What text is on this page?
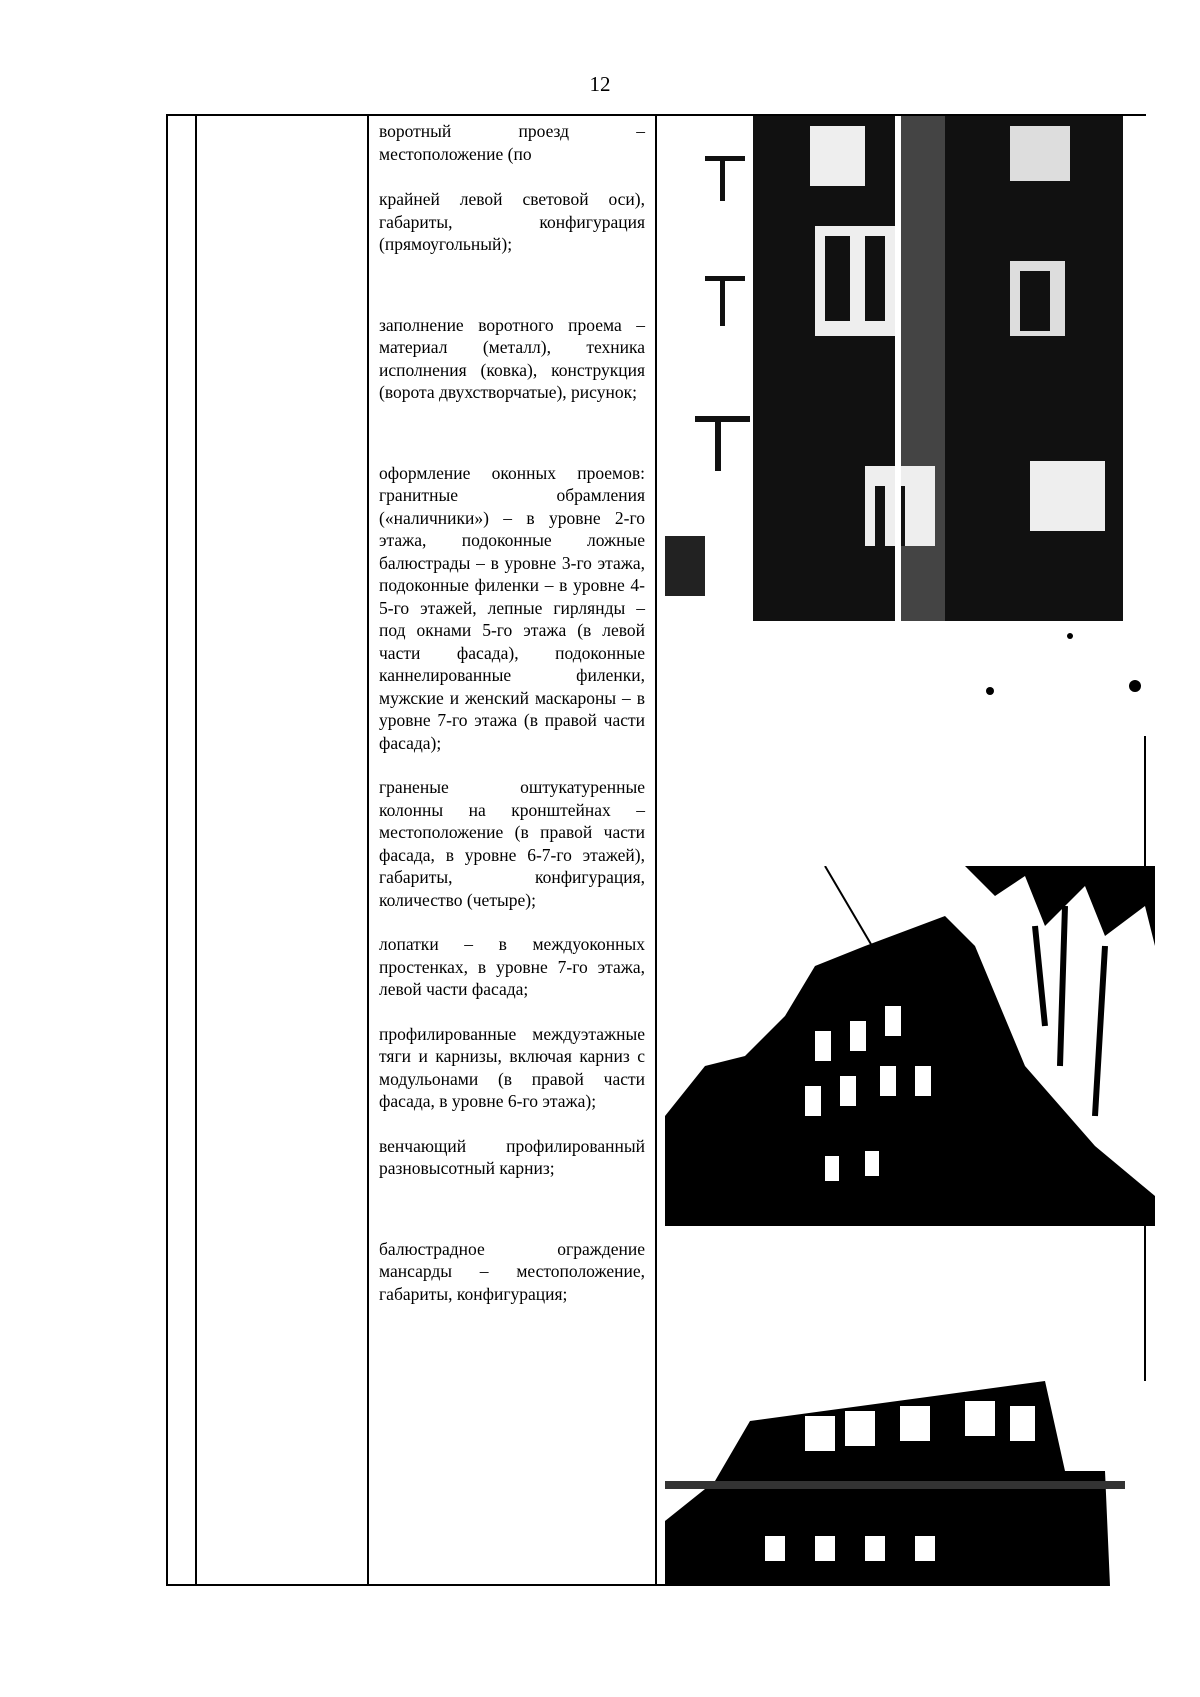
12

воротный проезд – местоположение (по

крайней левой световой оси), габариты, конфигурация (прямоугольный);

заполнение воротного проема – материал (металл), техника исполнения (ковка), конструкция (ворота двухстворчатые), рисунок;

оформление оконных проемов: гранитные обрамления («наличники») – в уровне 2-го этажа, подоконные ложные балюстрады – в уровне 3-го этажа, подоконные филенки – в уровне 4-5-го этажей, лепные гирлянды – под окнами 5-го этажа (в левой части фасада), подоконные каннелированные филенки, мужские и женский маскароны – в уровне 7-го этажа (в правой части фасада);

граненые оштукатуренные колонны на кронштейнах – местоположение (в правой части фасада, в уровне 6-7-го этажей), габариты, конфигурация, количество (четыре);

лопатки – в междуоконных простенках, в уровне 7-го этажа, левой части фасада;

профилированные междуэтажные тяги и карнизы, включая карниз с модульонами (в правой части фасада, в уровне 6-го этажа);

венчающий профилированный разновысотный карниз;

балюстрадное ограждение мансарды – местоположение, габариты, конфигурация;
